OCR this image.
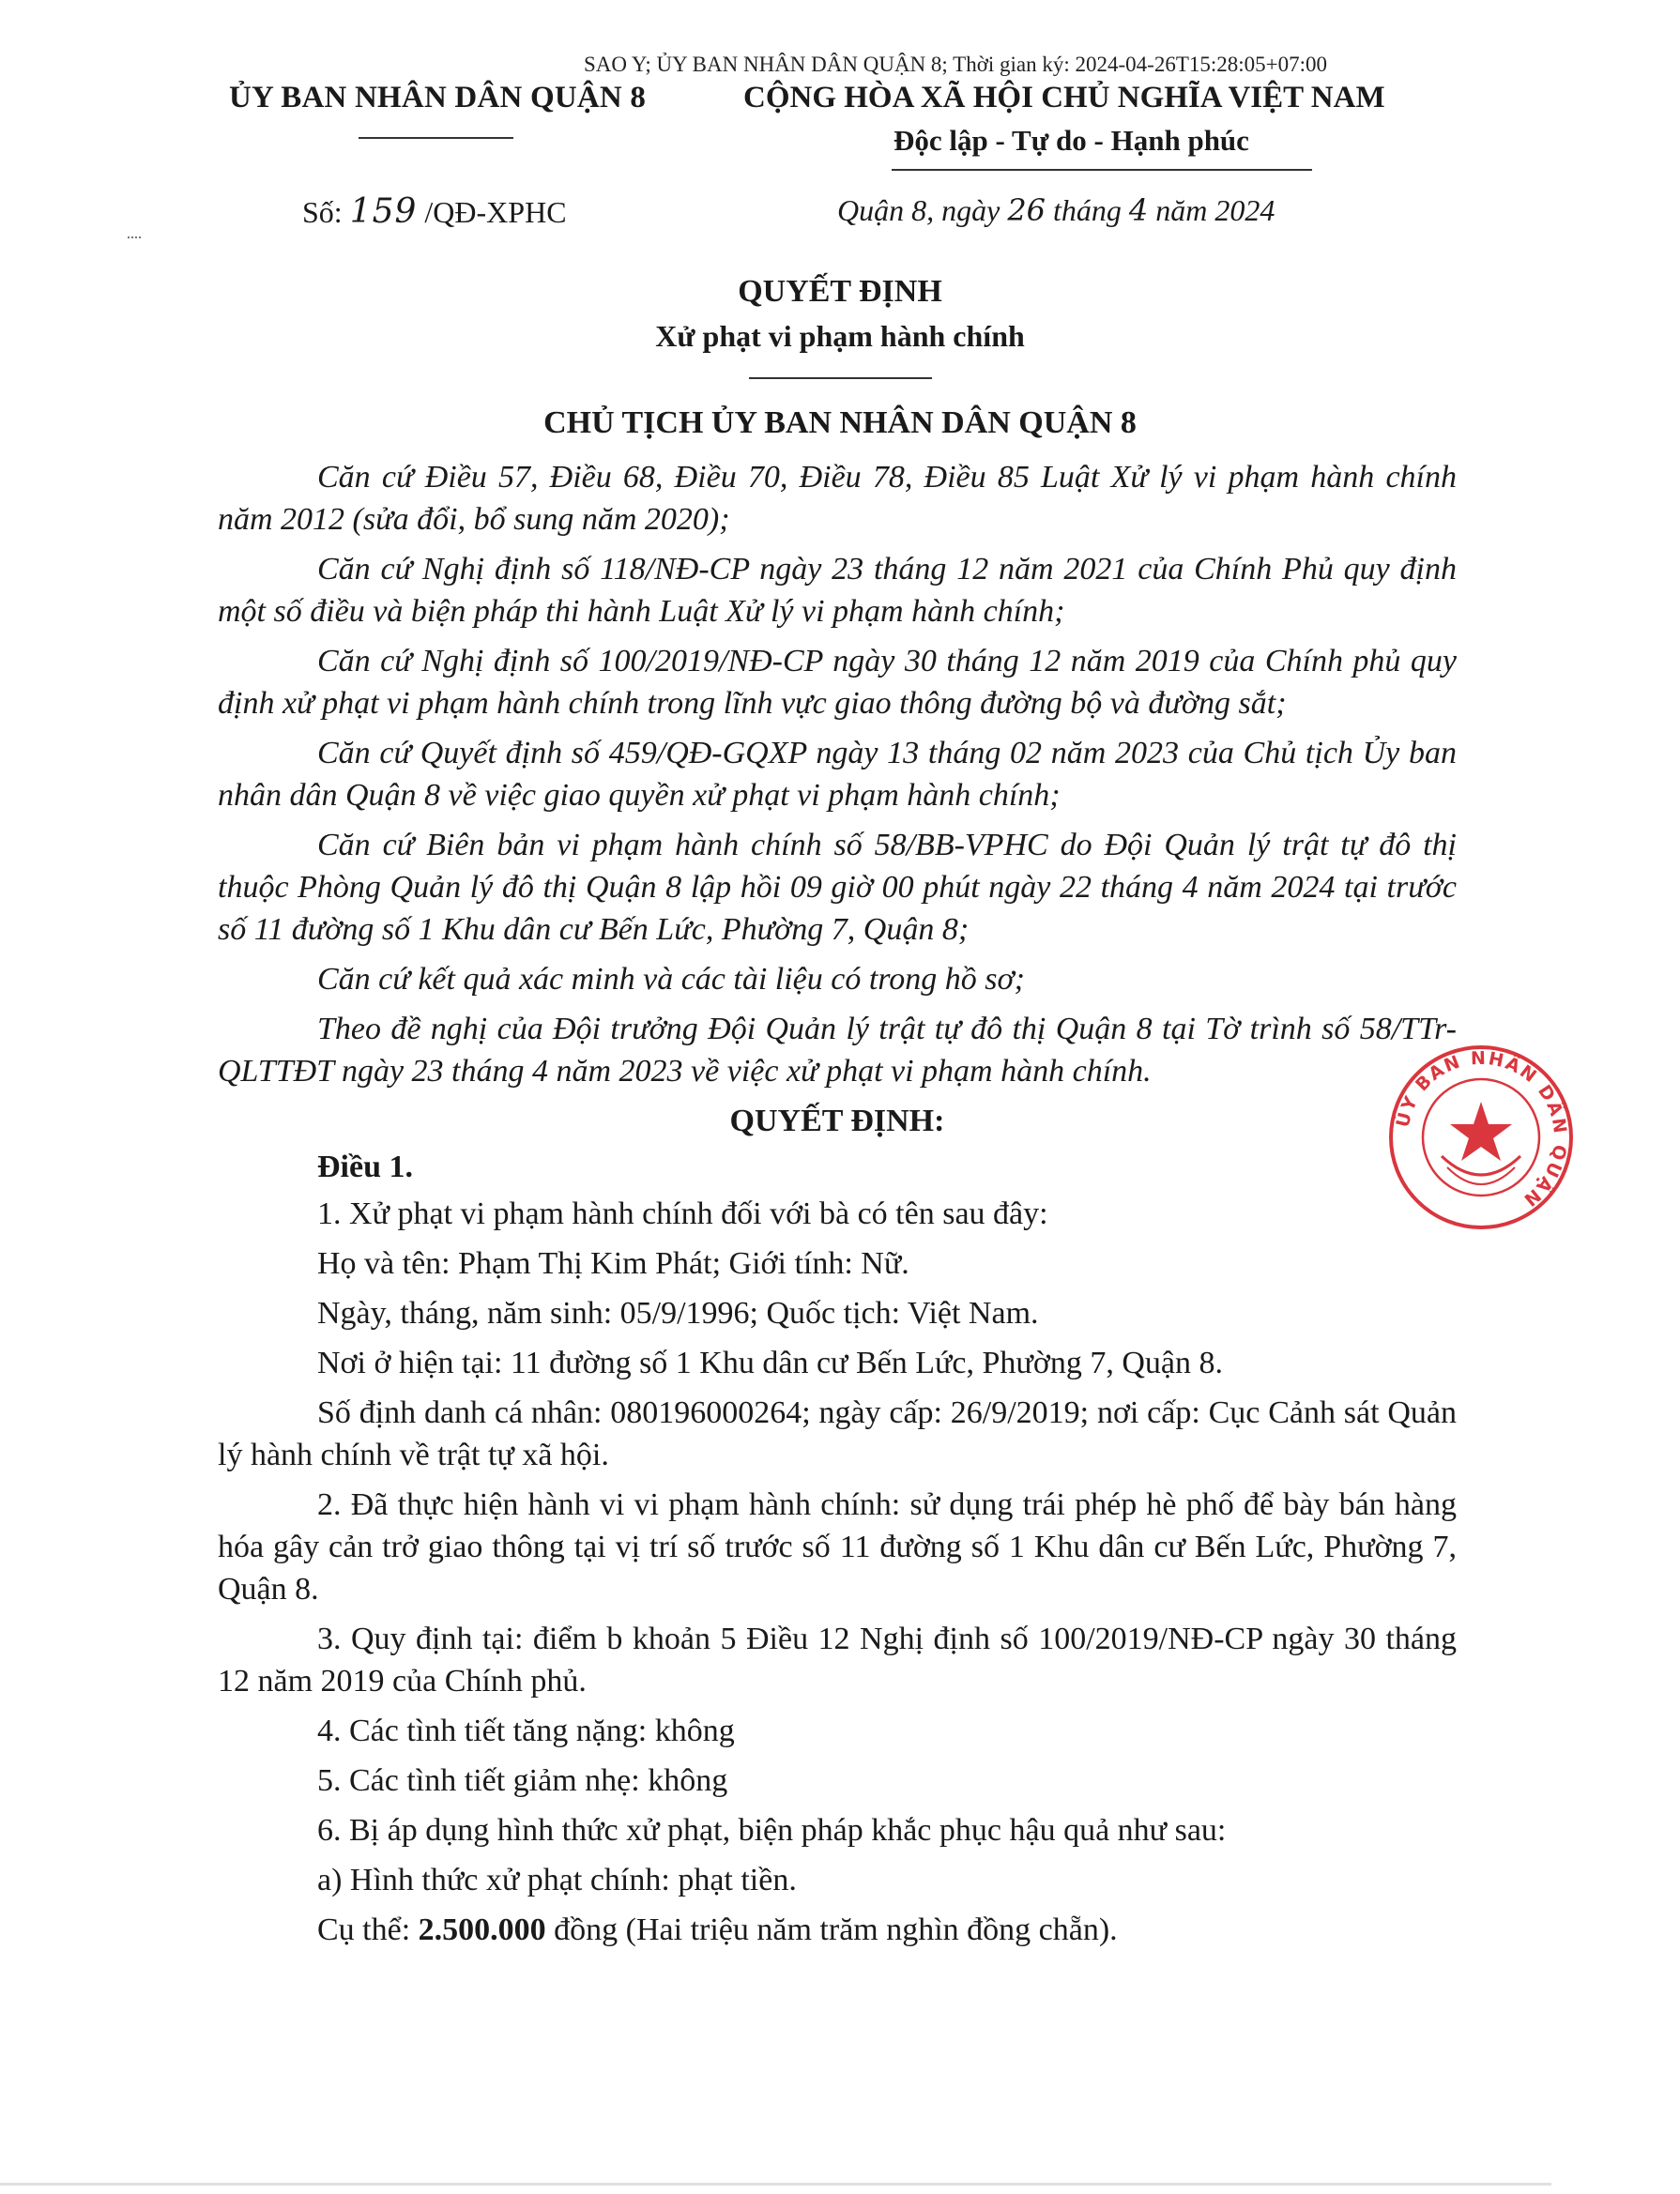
SAO Y; ỦY BAN NHÂN DÂN QUẬN 8; Thời gian ký: 2024-04-26T15:28:05+07:00
ỦY BAN NHÂN DÂN QUẬN 8	CỘNG HÒA XÃ HỘI CHỦ NGHĨA VIỆT NAM
Độc lập - Tự do - Hạnh phúc
Số: 159 /QĐ-XPHC	Quận 8, ngày 26 tháng 4 năm 2024
QUYẾT ĐỊNH
Xử phạt vi phạm hành chính
CHỦ TỊCH ỦY BAN NHÂN DÂN QUẬN 8

Căn cứ Điều 57, Điều 68, Điều 70, Điều 78, Điều 85 Luật Xử lý vi phạm hành chính năm 2012 (sửa đổi, bổ sung năm 2020);

Căn cứ Nghị định số 118/NĐ-CP ngày 23 tháng 12 năm 2021 của Chính Phủ quy định một số điều và biện pháp thi hành Luật Xử lý vi phạm hành chính;

Căn cứ Nghị định số 100/2019/NĐ-CP ngày 30 tháng 12 năm 2019 của Chính phủ quy định xử phạt vi phạm hành chính trong lĩnh vực giao thông đường bộ và đường sắt;

Căn cứ Quyết định số 459/QĐ-GQXP ngày 13 tháng 02 năm 2023 của Chủ tịch Ủy ban nhân dân Quận 8 về việc giao quyền xử phạt vi phạm hành chính;

Căn cứ Biên bản vi phạm hành chính số 58/BB-VPHC do Đội Quản lý trật tự đô thị thuộc Phòng Quản lý đô thị Quận 8 lập hồi 09 giờ 00 phút ngày 22 tháng 4 năm 2024 tại trước số 11 đường số 1 Khu dân cư Bến Lức, Phường 7, Quận 8;

Căn cứ kết quả xác minh và các tài liệu có trong hồ sơ;

Theo đề nghị của Đội trưởng Đội Quản lý trật tự đô thị Quận 8 tại Tờ trình số 58/TTr-QLTTĐT ngày 23 tháng 4 năm 2023 về việc xử phạt vi phạm hành chính.

QUYẾT ĐỊNH:

Điều 1.

1. Xử phạt vi phạm hành chính đối với bà có tên sau đây:

Họ và tên: Phạm Thị Kim Phát; Giới tính: Nữ.

Ngày, tháng, năm sinh: 05/9/1996; Quốc tịch: Việt Nam.

Nơi ở hiện tại: 11 đường số 1 Khu dân cư Bến Lức, Phường 7, Quận 8.

Số định danh cá nhân: 080196000264; ngày cấp: 26/9/2019; nơi cấp: Cục Cảnh sát Quản lý hành chính về trật tự xã hội.

2. Đã thực hiện hành vi vi phạm hành chính: sử dụng trái phép hè phố để bày bán hàng hóa gây cản trở giao thông tại vị trí số trước số 11 đường số 1 Khu dân cư Bến Lức, Phường 7, Quận 8.

3. Quy định tại: điểm b khoản 5 Điều 12 Nghị định số 100/2019/NĐ-CP ngày 30 tháng 12 năm 2019 của Chính phủ.

4. Các tình tiết tăng nặng: không

5. Các tình tiết giảm nhẹ: không

6. Bị áp dụng hình thức xử phạt, biện pháp khắc phục hậu quả như sau:

a) Hình thức xử phạt chính: phạt tiền.

Cụ thể: 2.500.000 đồng (Hai triệu năm trăm nghìn đồng chẵn).

ỦY BAN NHÂN DÂN QUẬN
